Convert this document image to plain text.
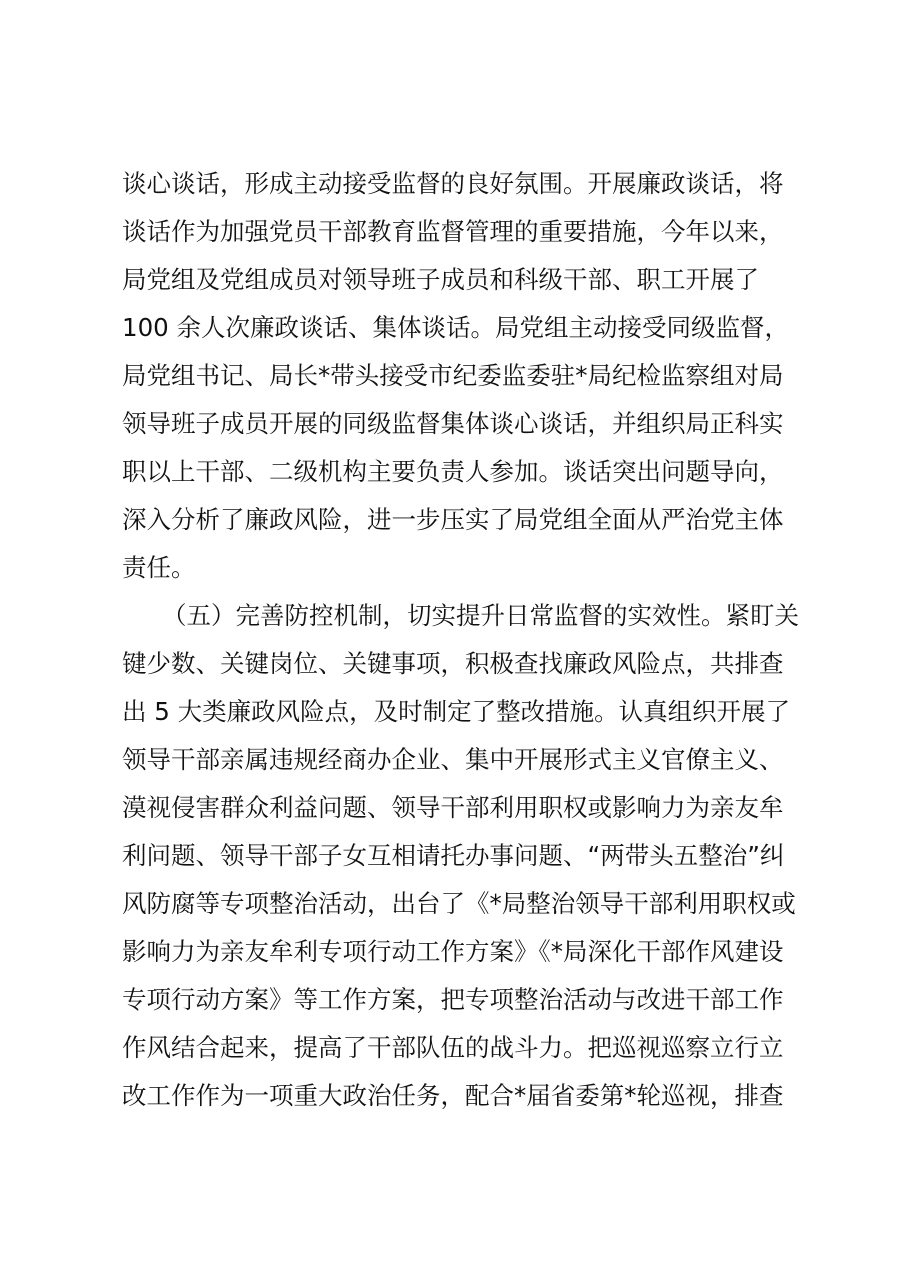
谈心谈话，形成主动接受监督的良好氛围。开展廉政谈话，将
谈话作为加强党员干部教育监督管理的重要措施，今年以来，
局党组及党组成员对领导班子成员和科级干部、职工开展了
100 余人次廉政谈话、集体谈话。局党组主动接受同级监督，
局党组书记、局长*带头接受市纪委监委驻*局纪检监察组对局
领导班子成员开展的同级监督集体谈心谈话，并组织局正科实
职以上干部、二级机构主要负责人参加。谈话突出问题导向，
深入分析了廉政风险，进一步压实了局党组全面从严治党主体
责任。
（五）完善防控机制，切实提升日常监督的实效性。紧盯关
键少数、关键岗位、关键事项，积极查找廉政风险点，共排查
出 5 大类廉政风险点，及时制定了整改措施。认真组织开展了
领导干部亲属违规经商办企业、集中开展形式主义官僚主义、
漠视侵害群众利益问题、领导干部利用职权或影响力为亲友牟
利问题、领导干部子女互相请托办事问题、“两带头五整治”纠
风防腐等专项整治活动，出台了《*局整治领导干部利用职权或
影响力为亲友牟利专项行动工作方案》《*局深化干部作风建设
专项行动方案》等工作方案，把专项整治活动与改进干部工作
作风结合起来，提高了干部队伍的战斗力。把巡视巡察立行立
改工作作为一项重大政治任务，配合*届省委第*轮巡视，排查
